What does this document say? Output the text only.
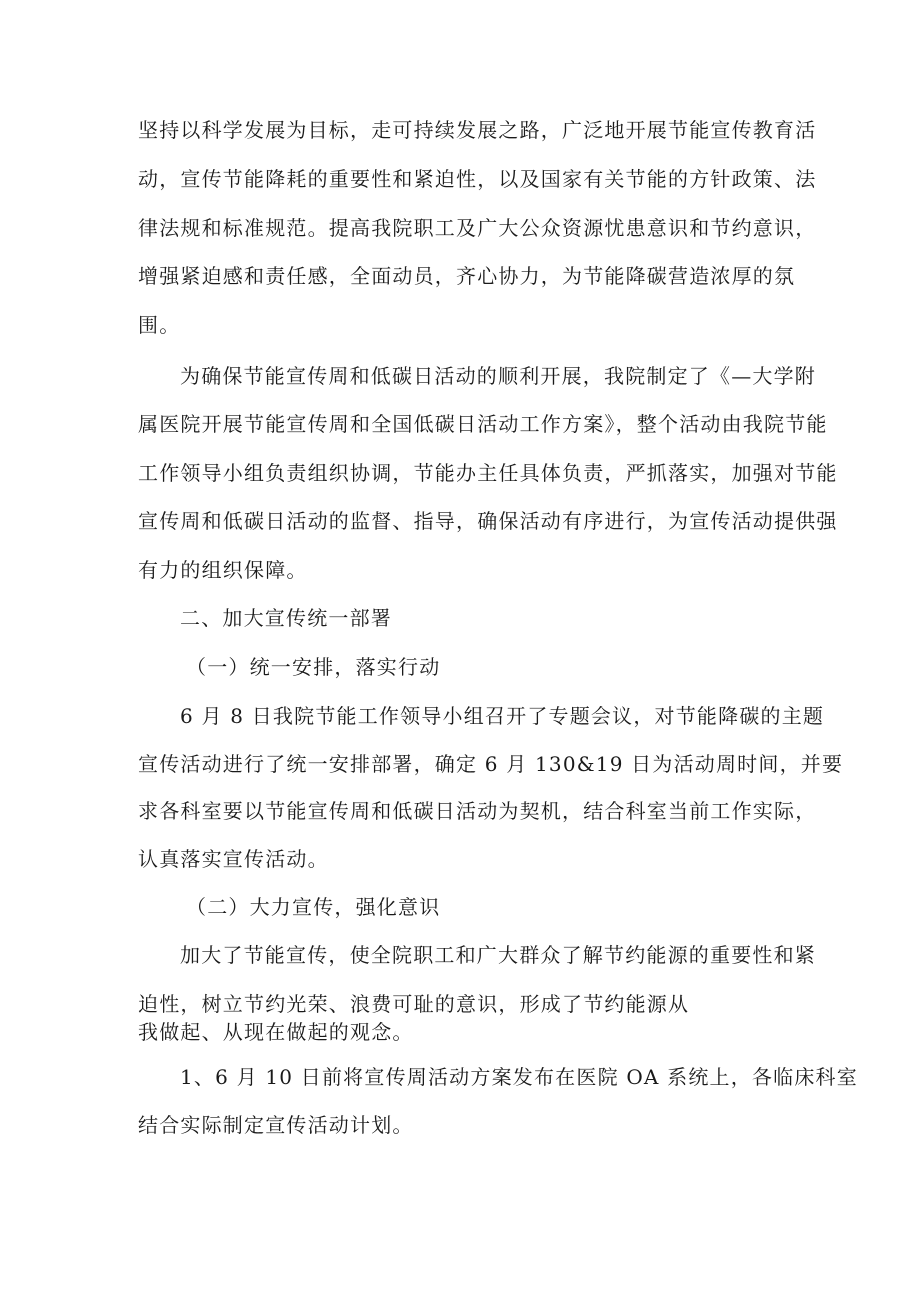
坚持以科学发展为目标，走可持续发展之路，广泛地开展节能宣传教育活
动，宣传节能降耗的重要性和紧迫性，以及国家有关节能的方针政策、法
律法规和标准规范。提高我院职工及广大公众资源忧患意识和节约意识，
增强紧迫感和责任感，全面动员，齐心协力，为节能降碳营造浓厚的氛
围。
为确保节能宣传周和低碳日活动的顺利开展，我院制定了《—大学附
属医院开展节能宣传周和全国低碳日活动工作方案》，整个活动由我院节能
工作领导小组负责组织协调，节能办主任具体负责，严抓落实，加强对节能
宣传周和低碳日活动的监督、指导，确保活动有序进行，为宣传活动提供强
有力的组织保障。
二、加大宣传统一部署
（一）统一安排，落实行动
6 月 8 日我院节能工作领导小组召开了专题会议，对节能降碳的主题
宣传活动进行了统一安排部署，确定 6 月 130&19 日为活动周时间，并要
求各科室要以节能宣传周和低碳日活动为契机，结合科室当前工作实际，
认真落实宣传活动。
（二）大力宣传，强化意识
加大了节能宣传，使全院职工和广大群众了解节约能源的重要性和紧
迫性，树立节约光荣、浪费可耻的意识，形成了节约能源从
我做起、从现在做起的观念。
1、6 月 10 日前将宣传周活动方案发布在医院 OA 系统上，各临床科室
结合实际制定宣传活动计划。
